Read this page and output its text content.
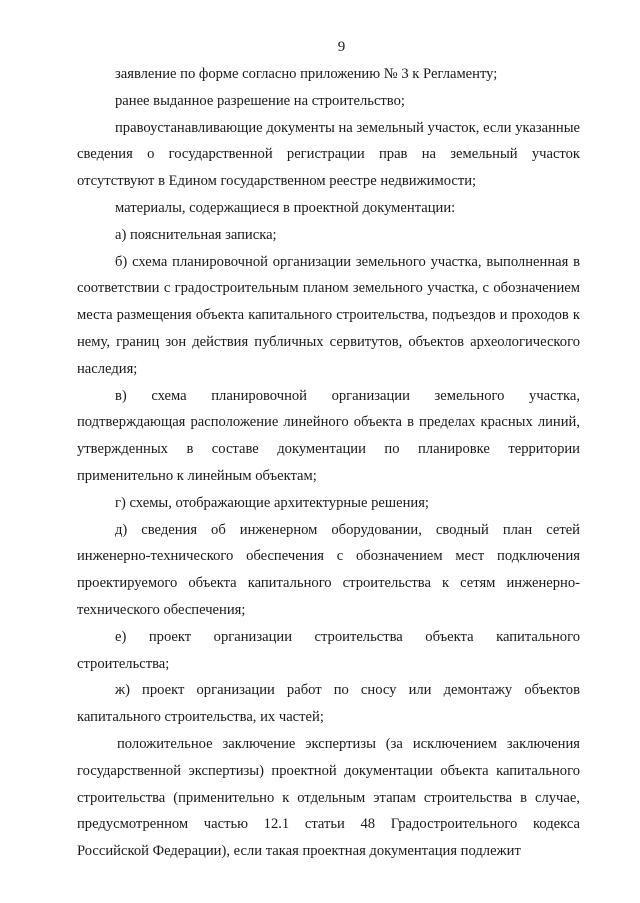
9

заявление по форме согласно приложению № 3 к Регламенту;

ранее выданное разрешение на строительство;

правоустанавливающие документы на земельный участок, если указанные сведения о государственной регистрации прав на земельный участок отсутствуют в Едином государственном реестре недвижимости;

материалы, содержащиеся в проектной документации:

а) пояснительная записка;

б) схема планировочной организации земельного участка, выполненная в соответствии с градостроительным планом земельного участка, с обозначением места размещения объекта капитального строительства, подъездов и проходов к нему, границ зон действия публичных сервитутов, объектов археологического наследия;

в) схема планировочной организации земельного участка, подтверждающая расположение линейного объекта в пределах красных линий, утвержденных в составе документации по планировке территории применительно к линейным объектам;

г) схемы, отображающие архитектурные решения;

д) сведения об инженерном оборудовании, сводный план сетей инженерно-технического обеспечения с обозначением мест подключения проектируемого объекта капитального строительства к сетям инженерно-технического обеспечения;

е) проект организации строительства объекта капитального строительства;

ж) проект организации работ по сносу или демонтажу объектов капитального строительства, их частей;

положительное заключение экспертизы (за исключением заключения государственной экспертизы) проектной документации объекта капитального строительства (применительно к отдельным этапам строительства в случае, предусмотренном частью 12.1 статьи 48 Градостроительного кодекса Российской Федерации), если такая проектная документация подлежит
